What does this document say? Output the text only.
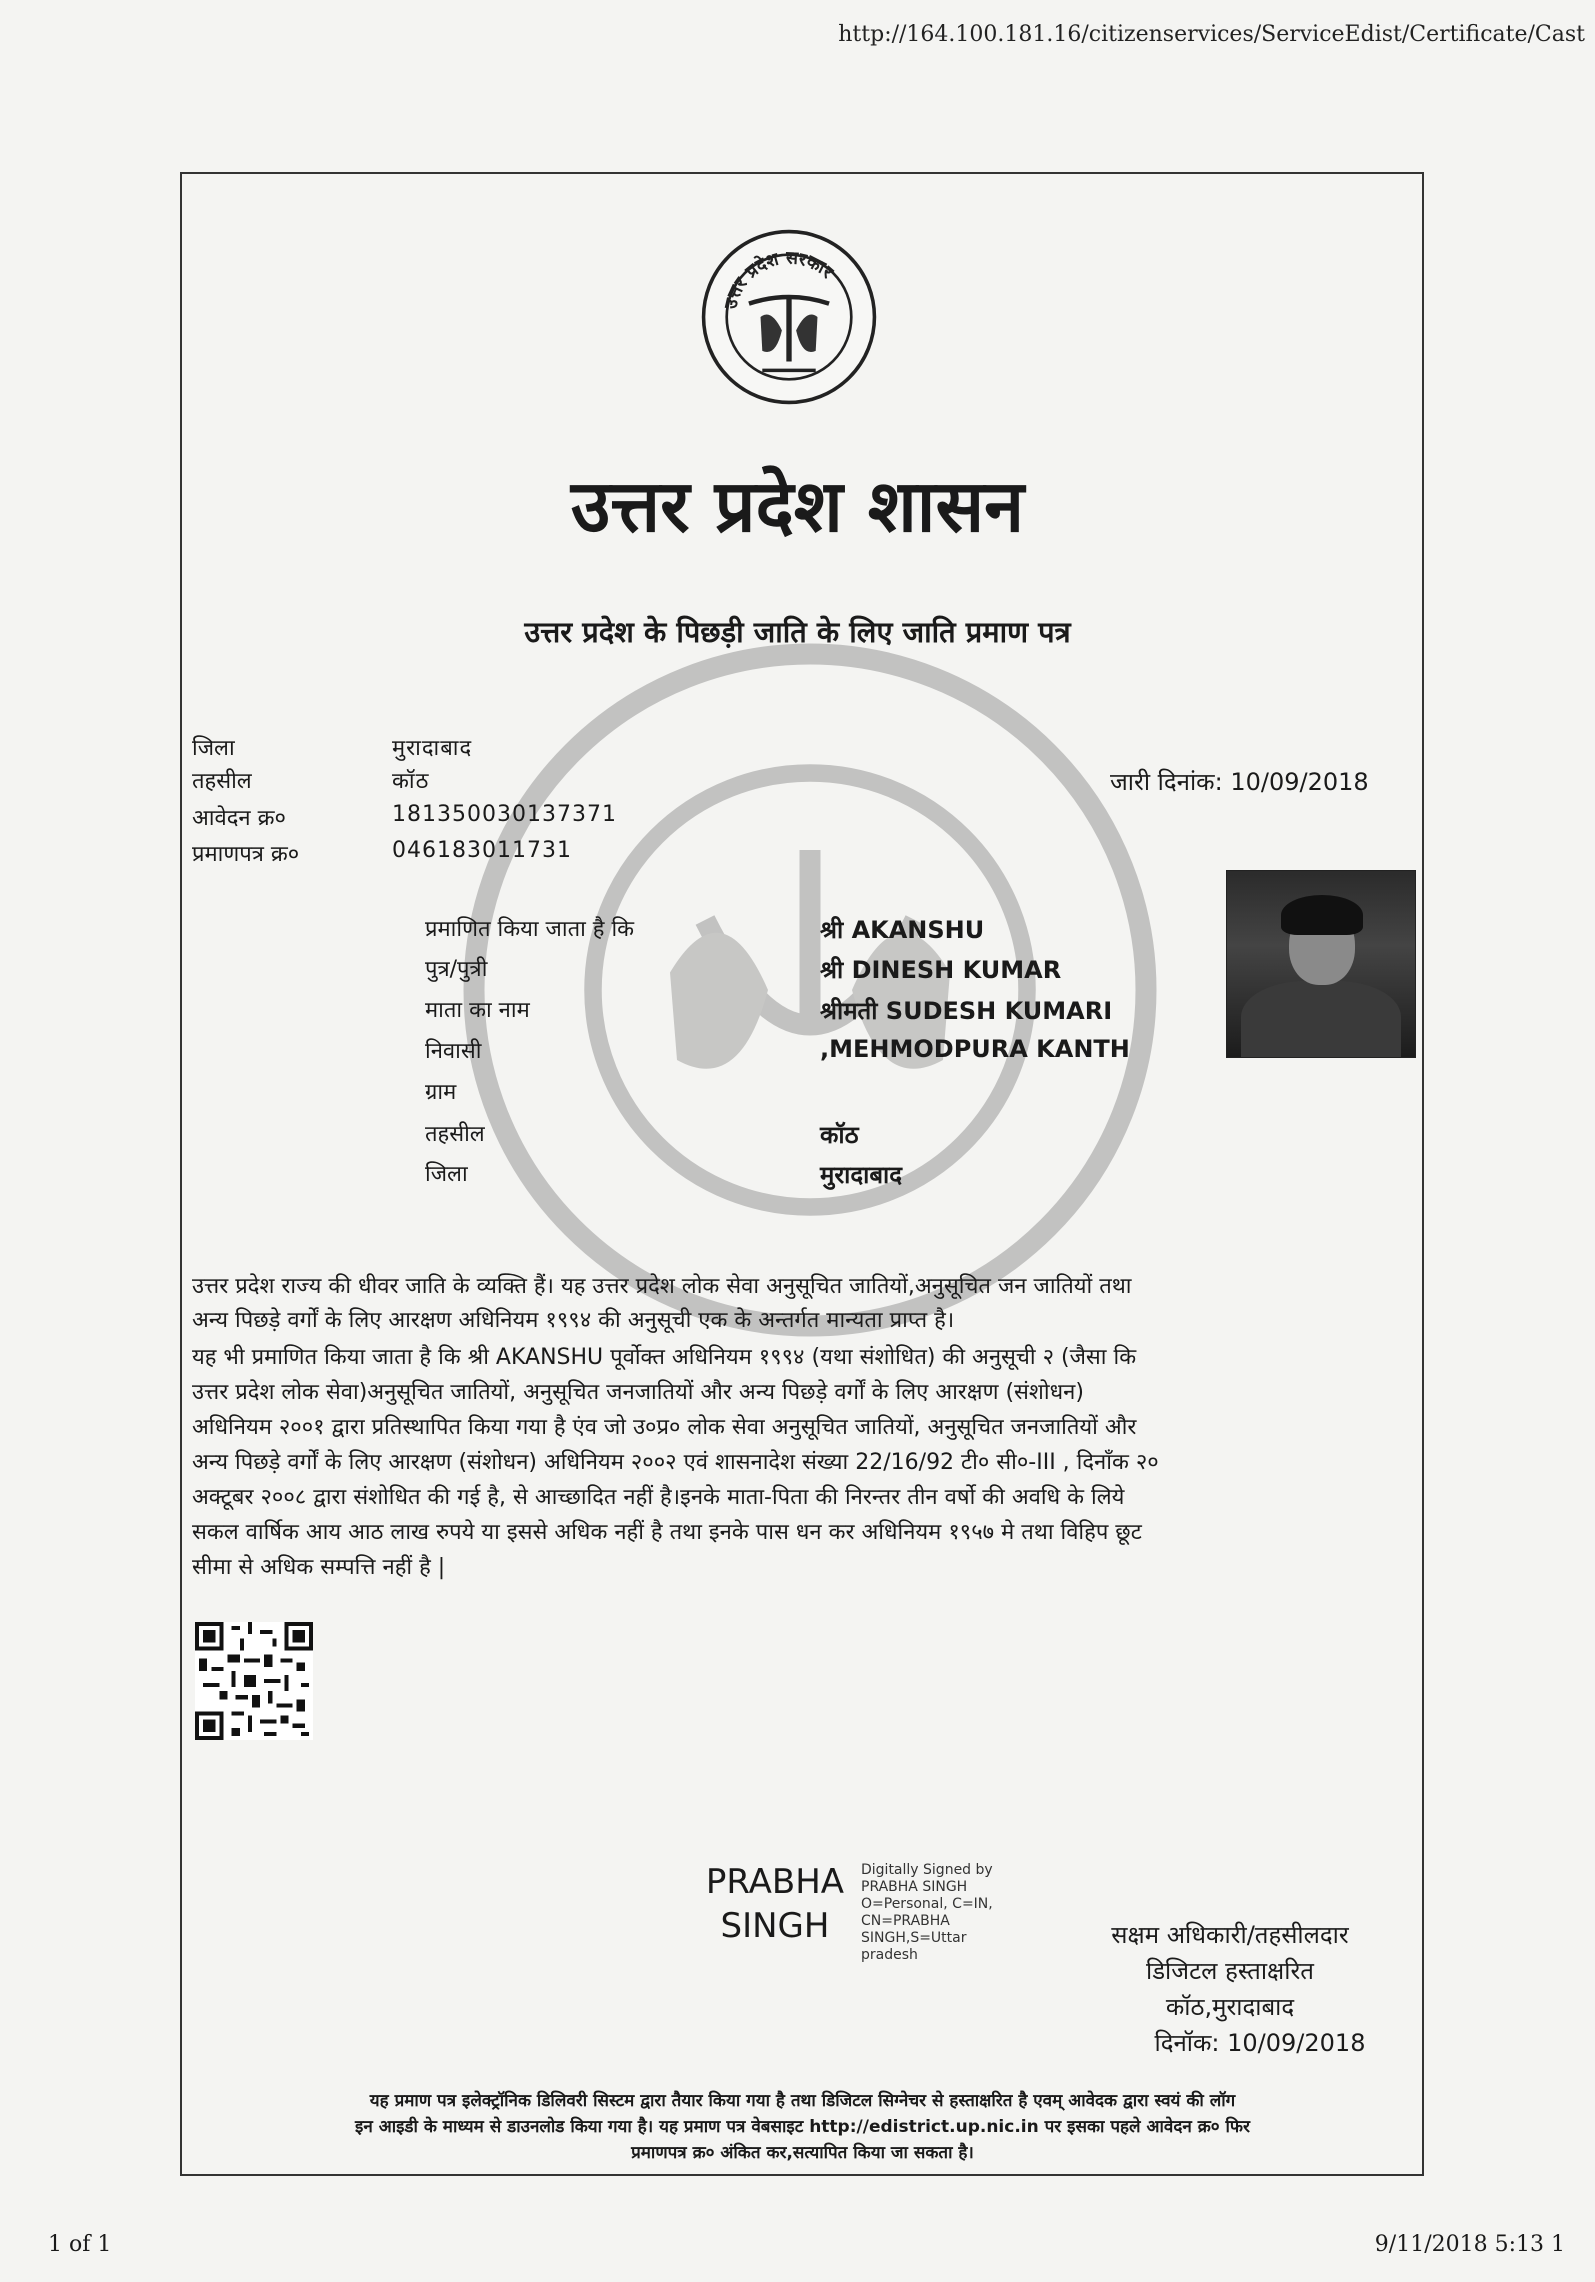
http://164.100.181.16/citizenservices/ServiceEdist/Certificate/Cast
उत्तर प्रदेश सरकार
उत्तर प्रदेश शासन
उत्तर प्रदेश के पिछड़ी जाति के लिए जाति प्रमाण पत्र
जिला	मुरादाबाद
तहसील	कॉठ
आवेदन क्र०	181350030137371
प्रमाणपत्र क्र०	046183011731
जारी दिनांक: 10/09/2018
प्रमाणित किया जाता है कि	श्री AKANSHU
पुत्र/पुत्री	श्री DINESH KUMAR
माता का नाम	श्रीमती SUDESH KUMARI
निवासी	,MEHMODPURA KANTH
ग्राम
तहसील	कॉठ
जिला	मुरादाबाद
उत्तर प्रदेश राज्य की धीवर जाति के व्यक्ति हैं। यह उत्तर प्रदेश लोक सेवा अनुसूचित जातियों,अनुसूचित जन जातियों तथा
अन्य पिछड़े वर्गों के लिए आरक्षण अधिनियम १९९४ की अनुसूची एक के अन्तर्गत मान्यता प्राप्त है।
यह भी प्रमाणित किया जाता है कि श्री AKANSHU पूर्वोक्त अधिनियम १९९४ (यथा संशोधित) की अनुसूची २ (जैसा कि
उत्तर प्रदेश लोक सेवा)अनुसूचित जातियों, अनुसूचित जनजातियों और अन्य पिछड़े वर्गों के लिए आरक्षण (संशोधन)
अधिनियम २००१ द्वारा प्रतिस्थापित किया गया है एंव जो उ०प्र० लोक सेवा अनुसूचित जातियों, अनुसूचित जनजातियों और
अन्य पिछड़े वर्गों के लिए आरक्षण (संशोधन) अधिनियम २००२ एवं शासनादेश संख्या 22/16/92 टी० सी०-III , दिनाँक २०
अक्टूबर २००८ द्वारा संशोधित की गई है, से आच्छादित नहीं है।इनके माता-पिता की निरन्तर तीन वर्षो की अवधि के लिये
सकल वार्षिक आय आठ लाख रुपये या इससे अधिक नहीं है तथा इनके पास धन कर अधिनियम १९५७ मे तथा विहिप छूट
सीमा से अधिक सम्पत्ति नहीं है |
PRABHA
SINGH
Digitally Signed by
PRABHA SINGH
O=Personal, C=IN,
CN=PRABHA
SINGH,S=Uttar
pradesh
सक्षम अधिकारी/तहसीलदार
डिजिटल हस्ताक्षरित
कॉठ,मुरादाबाद
दिनॉक: 10/09/2018
यह प्रमाण पत्र इलेक्ट्रॉनिक डिलिवरी सिस्टम द्वारा तैयार किया गया है तथा डिजिटल सिग्नेचर से हस्ताक्षरित है एवम् आवेदक द्वारा स्वयं की लॉग
इन आइडी के माध्यम से डाउनलोड किया गया है। यह प्रमाण पत्र वेबसाइट http://edistrict.up.nic.in पर इसका पहले आवेदन क्र० फिर
प्रमाणपत्र क्र० अंकित कर,सत्यापित किया जा सकता है।
1 of 1	9/11/2018 5:13 1
